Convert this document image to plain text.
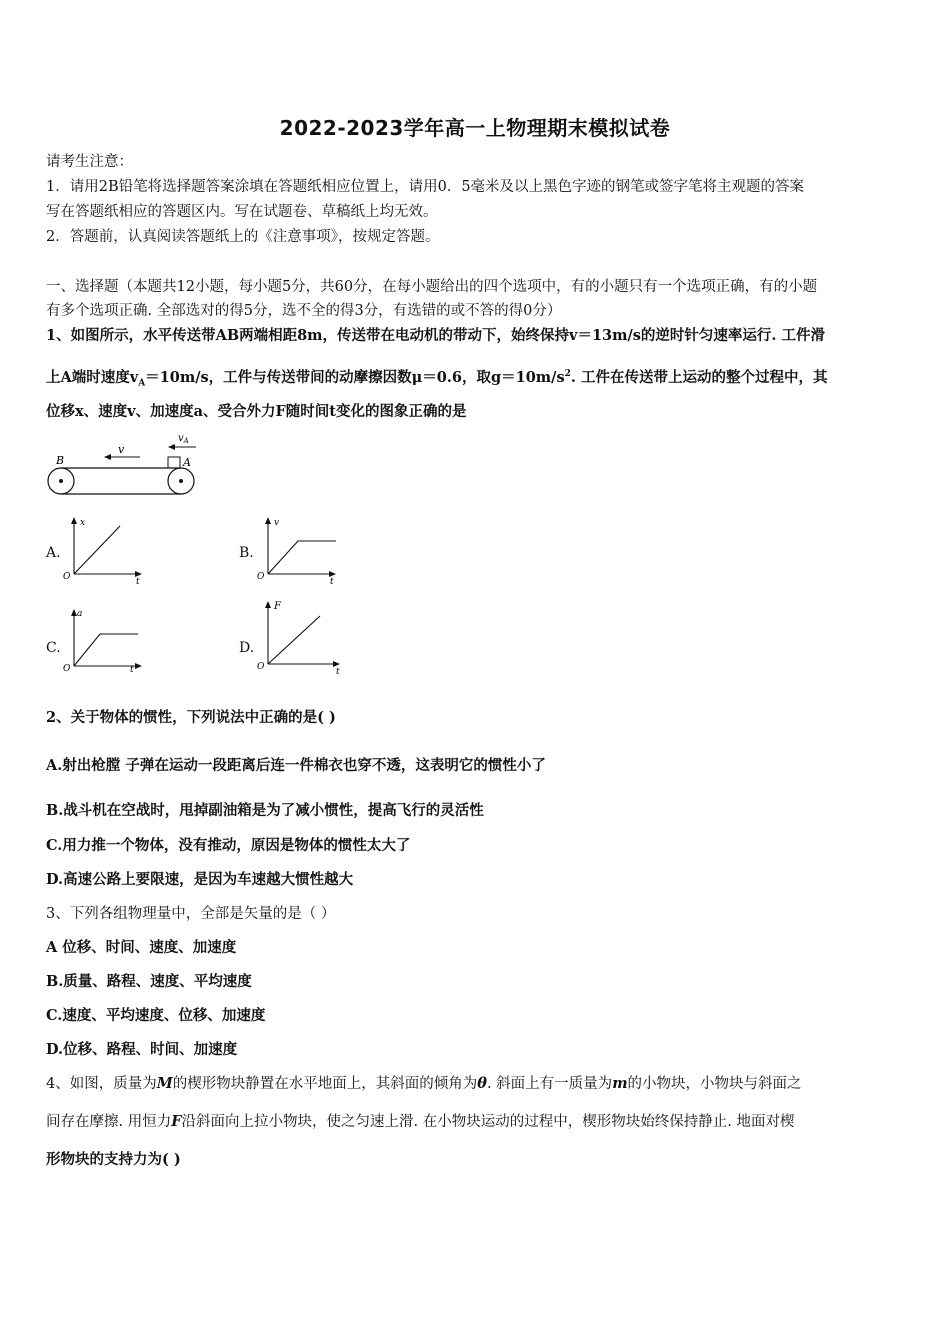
2022-2023学年高一上物理期末模拟试卷
请考生注意：
1．请用2B铅笔将选择题答案涂填在答题纸相应位置上，请用0．5毫米及以上黑色字迹的钢笔或签字笔将主观题的答案
写在答题纸相应的答题区内。写在试题卷、草稿纸上均无效。
2．答题前，认真阅读答题纸上的《注意事项》，按规定答题。
一、选择题（本题共12小题，每小题5分，共60分，在每小题给出的四个选项中，有的小题只有一个选项正确，有的小题
有多个选项正确. 全部选对的得5分，选不全的得3分，有选错的或不答的得0分）
1、如图所示，水平传送带AB两端相距8m，传送带在电动机的带动下，始终保持v＝13m/s的逆时针匀速率运行. 工件滑
上A端时速度$v_A=10m/s$，工件与传送带间的动摩擦因数μ＝0.6，取$g=10m/s^2$. 工件在传送带上运动的整个过程中，其
位移x、速度v、加速度a、受合外力F随时间t变化的图象正确的是
v
$v_A$
B	A
A.
x
t
O
B.
v
t
O
C.
a
t
O
D.
F
t
O
2、关于物体的惯性，下列说法中正确的是( )
A.射出枪膛 子弹在运动一段距离后连一件棉衣也穿不透，这表明它的惯性小了
B.战斗机在空战时，甩掉副油箱是为了减小惯性，提高飞行的灵活性
C.用力推一个物体，没有推动，原因是物体的惯性太大了
D.高速公路上要限速，是因为车速越大惯性越大
3、下列各组物理量中，全部是矢量的是（ ）
A 位移、时间、速度、加速度
B.质量、路程、速度、平均速度
C.速度、平均速度、位移、加速度
D.位移、路程、时间、加速度
4、如图，质量为M的楔形物块静置在水平地面上，其斜面的倾角为θ. 斜面上有一质量为m的小物块，小物块与斜面之
间存在摩擦. 用恒力F沿斜面向上拉小物块，使之匀速上滑. 在小物块运动的过程中，楔形物块始终保持静止. 地面对楔
形物块的支持力为( )
